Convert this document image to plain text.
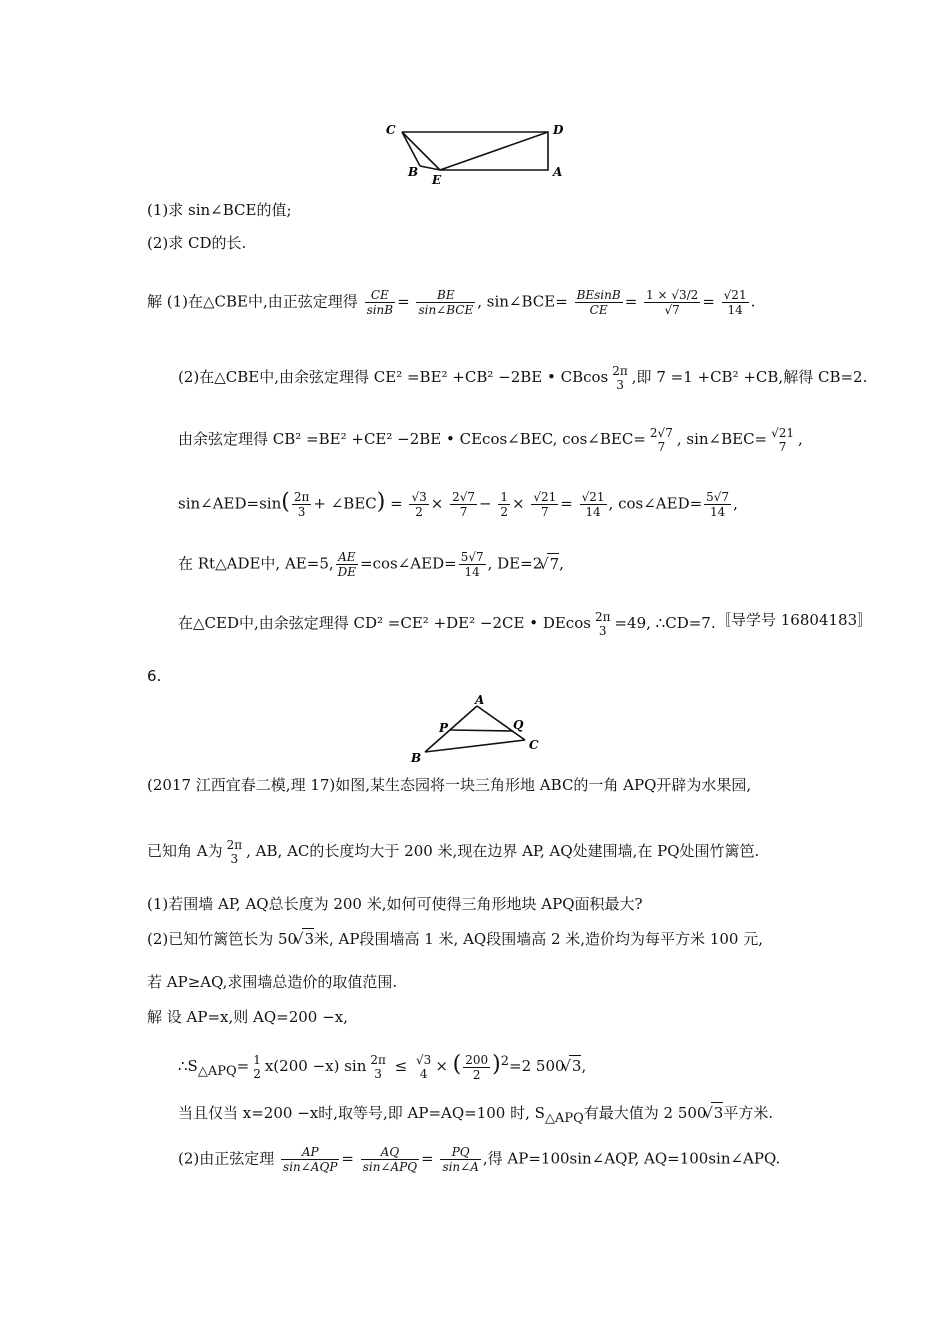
C	D
B
E
A
(1)求 sin∠BCE的值;
(2)求 CD的长.
解 (1)在△CBE中,由正弦定理得 $\frac{CE}{\sin B} = \frac{BE}{\text{sin∠BCE}}$ , sin∠BCE= $\frac{BEsinB}{CE} = \frac{1 \times √3/2}{√7} = \frac{√21}{14}$ .
(2)在△CBE中,由余弦定理得 CE² =BE² +CB² −2BE • CBcos 2π
3 ,即 7 =1 +CB² +CB,解得 CB=2.
由余弦定理得 CB² =BE² +CE² −2BE • CEcos∠BEC, cos∠BEC= 2√7
7 , sin∠BEC= √21
7 ,
sin∠AED=sin( $\frac{2\pi}{3}$ + ∠BEC) = $\frac{√3}{2} \times \frac{2√7}{7} - \frac{1}{2} \times \frac{√21}{7} = \frac{√21}{14}$ , cos∠AED= $\frac{5√7}{14}$ ,
在 Rt△ADE中, AE=5, $\frac{AE}{DE}$ =cos∠AED= $\frac{5√7}{14}$ , DE=2 √ 7,
在△CED中,由余弦定理得 CD² =CE² +DE² −2CE • DEcos 2π
3 =49, ∴CD=7. 〚导学号 16804183〛
6.
A
P	Q
B
C
(2017 江西宜春二模,理 17)如图,某生态园将一块三角形地 ABC的一角 APQ开辟为水果园,
已知角 A为 2π
3 , AB, AC的长度均大于 200 米,现在边界 AP, AQ处建围墙,在 PQ处围竹篱笆.
(1)若围墙 AP, AQ总长度为 200 米,如何可使得三角形地块 APQ面积最大?
(2)已知竹篱笆长为 50 √ 3米, AP段围墙高 1 米, AQ段围墙高 2 米,造价均为每平方米 100 元,
若 AP≥AQ,求围墙总造价的取值范围.
解 设 AP=x,则 AQ=200 −x,
$\therefore S_{\triangle APQ}= 1$
2 x(200 −x) sin 2π
3 ≤ √3
4 × ( $\frac{200}{2} )^2=2$ 500 √ 3,
当且仅当 x=200 −x时,取等号,即 AP=AQ=100 时, $S_{\triangle APQ}$有最大值为 2 500 √ 3平方米.
(2)由正弦定理 $\frac{AP}{\text{sin∠AQP}} = \frac{AQ}{\text{sin∠APQ}} = \frac{PQ}{\sin\angle A}$ ,得 AP=100sin∠AQP, AQ=100sin∠APQ.
